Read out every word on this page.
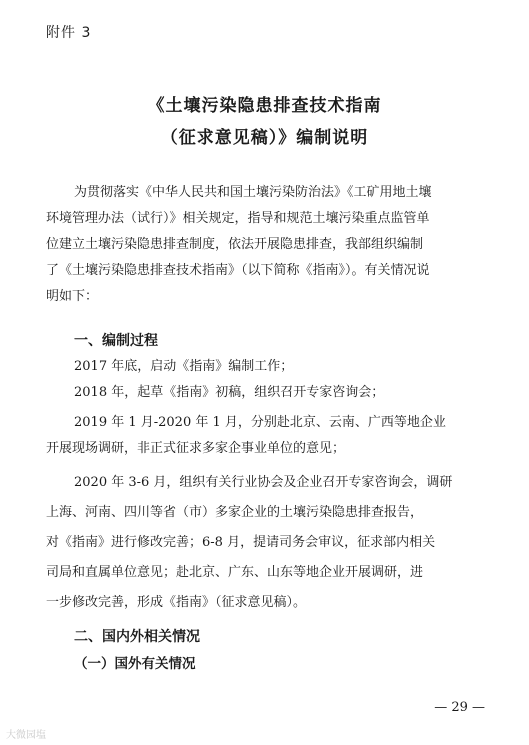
附件 3
《土壤污染隐患排查技术指南
（征求意见稿）》编制说明

为贯彻落实《中华人民共和国土壤污染防治法》《工矿用地土壤

环境管理办法（试行）》相关规定，指导和规范土壤污染重点监管单

位建立土壤污染隐患排查制度，依法开展隐患排查，我部组织编制

了《土壤污染隐患排查技术指南》（以下简称《指南》）。有关情况说

明如下：

一、编制过程

2017 年底，启动《指南》编制工作；

2018 年，起草《指南》初稿，组织召开专家咨询会；

2019 年 1 月-2020 年 1 月，分别赴北京、云南、广西等地企业

开展现场调研，非正式征求多家企事业单位的意见；

2020 年 3-6 月，组织有关行业协会及企业召开专家咨询会，调研

上海、河南、四川等省（市）多家企业的土壤污染隐患排查报告，

对《指南》进行修改完善；6-8 月，提请司务会审议，征求部内相关

司局和直属单位意见；赴北京、广东、山东等地企业开展调研，进

一步修改完善，形成《指南》（征求意见稿）。

二、国内外相关情况
（一）国外有关情况
— 29 —
大微园塩
